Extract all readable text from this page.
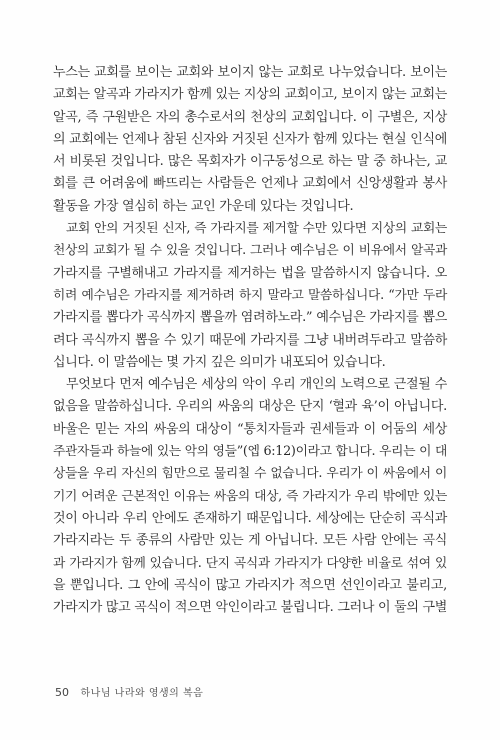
누스는 교회를 보이는 교회와 보이지 않는 교회로 나누었습니다. 보이는
교회는 알곡과 가라지가 함께 있는 지상의 교회이고, 보이지 않는 교회는
알곡, 즉 구원받은 자의 총수로서의 천상의 교회입니다. 이 구별은, 지상
의 교회에는 언제나 참된 신자와 거짓된 신자가 함께 있다는 현실 인식에
서 비롯된 것입니다. 많은 목회자가 이구동성으로 하는 말 중 하나는, 교
회를 큰 어려움에 빠뜨리는 사람들은 언제나 교회에서 신앙생활과 봉사
활동을 가장 열심히 하는 교인 가운데 있다는 것입니다.
교회 안의 거짓된 신자, 즉 가라지를 제거할 수만 있다면 지상의 교회는
천상의 교회가 될 수 있을 것입니다. 그러나 예수님은 이 비유에서 알곡과
가라지를 구별해내고 가라지를 제거하는 법을 말씀하시지 않습니다. 오
히려 예수님은 가라지를 제거하려 하지 말라고 말씀하십니다. “가만 두라
가라지를 뽑다가 곡식까지 뽑을까 염려하노라.” 예수님은 가라지를 뽑으
려다 곡식까지 뽑을 수 있기 때문에 가라지를 그냥 내버려두라고 말씀하
십니다. 이 말씀에는 몇 가지 깊은 의미가 내포되어 있습니다.
무엇보다 먼저 예수님은 세상의 악이 우리 개인의 노력으로 근절될 수
없음을 말씀하십니다. 우리의 싸움의 대상은 단지 ‘혈과 육’이 아닙니다.
바울은 믿는 자의 싸움의 대상이 “통치자들과 권세들과 이 어둠의 세상
주관자들과 하늘에 있는 악의 영들”(엡 6:12)이라고 합니다. 우리는 이 대
상들을 우리 자신의 힘만으로 물리칠 수 없습니다. 우리가 이 싸움에서 이
기기 어려운 근본적인 이유는 싸움의 대상, 즉 가라지가 우리 밖에만 있는
것이 아니라 우리 안에도 존재하기 때문입니다. 세상에는 단순히 곡식과
가라지라는 두 종류의 사람만 있는 게 아닙니다. 모든 사람 안에는 곡식
과 가라지가 함께 있습니다. 단지 곡식과 가라지가 다양한 비율로 섞여 있
을 뿐입니다. 그 안에 곡식이 많고 가라지가 적으면 선인이라고 불리고,
가라지가 많고 곡식이 적으면 악인이라고 불립니다. 그러나 이 둘의 구별
50 하나님 나라와 영생의 복음
